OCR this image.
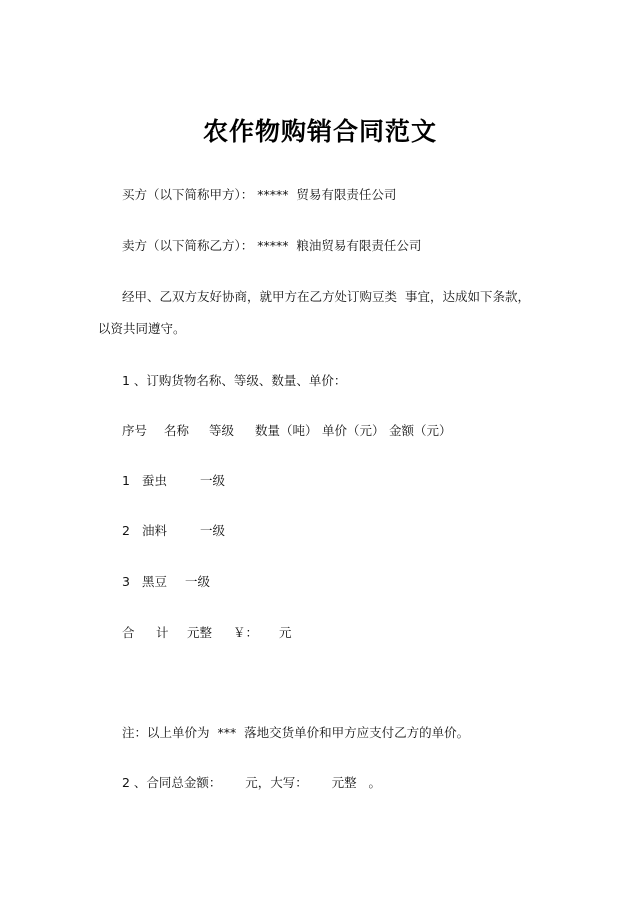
农作物购销合同范文
买方（以下简称甲方）： *****  贸易有限责任公司
卖方（以下简称乙方）： *****  粮油贸易有限责任公司
经甲、乙双方友好协商，就甲方在乙方处订购豆类  事宜，达成如下条款，
以资共同遵守。
1 、订购货物名称、等级、数量、单价：
序号 名称 等级 数量（吨） 单价（元） 金额（元）
1 蚕虫	一级
2 油料	一级
3 黑豆 一级
合 计 元整 ￥： 元
注：以上单价为  ***  落地交货单价和甲方应支付乙方的单价。
2 、合同总金额：      元，大写：      元整   。
